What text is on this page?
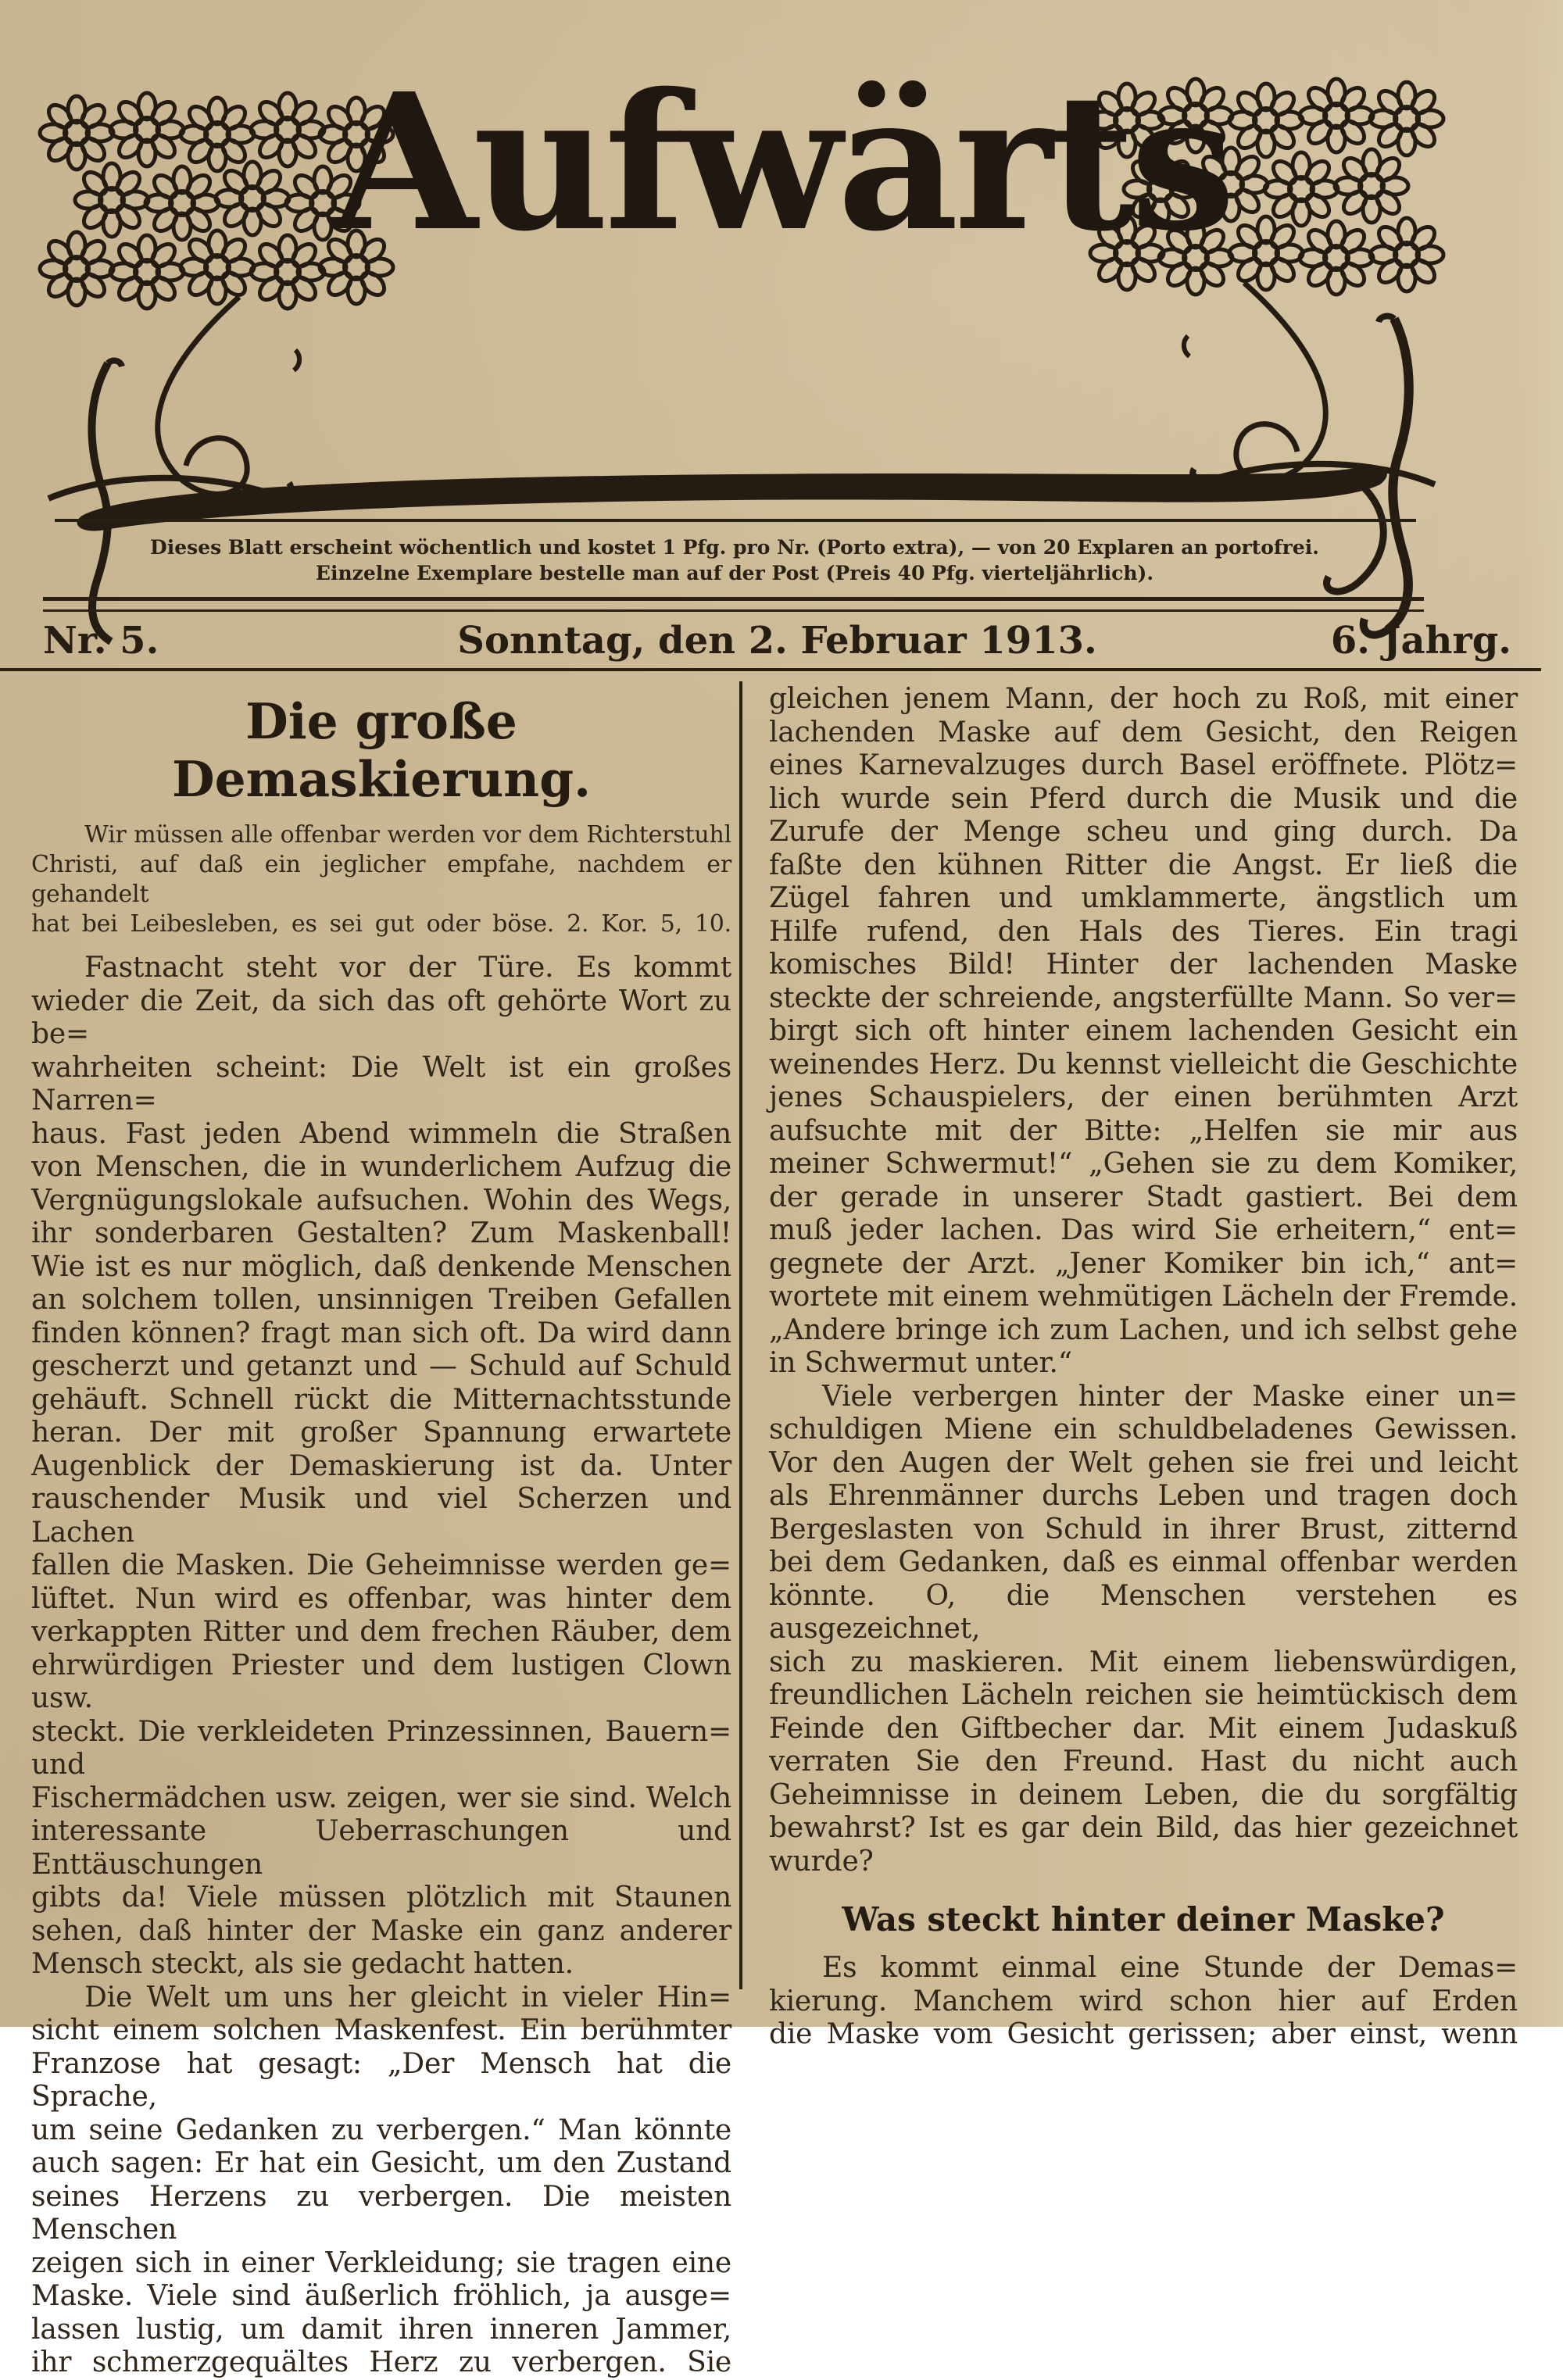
Aufwärts

Dieses Blatt erscheint wöchentlich und kostet 1 Pfg. pro Nr. (Porto extra), — von 20 Explaren an portofrei.
Einzelne Exemplare bestelle man auf der Post (Preis 40 Pfg. vierteljährlich).

Nr. 5.	Sonntag, den 2. Februar 1913.	6. Jahrg.
Die große Demaskierung.
Wir müssen alle offenbar werden vor dem Richterstuhl
Christi, auf daß ein jeglicher empfahe, nachdem er gehandelt
hat bei Leibesleben, es sei gut oder böse. 2. Kor. 5, 10.
Fastnacht steht vor der Türe. Es kommt
wieder die Zeit, da sich das oft gehörte Wort zu be=
wahrheiten scheint: Die Welt ist ein großes Narren=
haus. Fast jeden Abend wimmeln die Straßen
von Menschen, die in wunderlichem Aufzug die
Vergnügungslokale aufsuchen. Wohin des Wegs,
ihr sonderbaren Gestalten? Zum Maskenball!
Wie ist es nur möglich, daß denkende Menschen
an solchem tollen, unsinnigen Treiben Gefallen
finden können? fragt man sich oft. Da wird dann
gescherzt und getanzt und — Schuld auf Schuld
gehäuft. Schnell rückt die Mitternachtsstunde
heran. Der mit großer Spannung erwartete
Augenblick der Demaskierung ist da. Unter
rauschender Musik und viel Scherzen und Lachen
fallen die Masken. Die Geheimnisse werden ge=
lüftet. Nun wird es offenbar, was hinter dem
verkappten Ritter und dem frechen Räuber, dem
ehrwürdigen Priester und dem lustigen Clown usw.
steckt. Die verkleideten Prinzessinnen, Bauern= und
Fischermädchen usw. zeigen, wer sie sind. Welch
interessante Ueberraschungen und Enttäuschungen
gibts da! Viele müssen plötzlich mit Staunen
sehen, daß hinter der Maske ein ganz anderer
Mensch steckt, als sie gedacht hatten.
Die Welt um uns her gleicht in vieler Hin=
sicht einem solchen Maskenfest. Ein berühmter
Franzose hat gesagt: „Der Mensch hat die Sprache,
um seine Gedanken zu verbergen.“ Man könnte
auch sagen: Er hat ein Gesicht, um den Zustand
seines Herzens zu verbergen. Die meisten Menschen
zeigen sich in einer Verkleidung; sie tragen eine
Maske. Viele sind äußerlich fröhlich, ja ausge=
lassen lustig, um damit ihren inneren Jammer,
ihr schmerzgequältes Herz zu verbergen. Sie
gleichen jenem Mann, der hoch zu Roß, mit einer
lachenden Maske auf dem Gesicht, den Reigen
eines Karnevalzuges durch Basel eröffnete. Plötz=
lich wurde sein Pferd durch die Musik und die
Zurufe der Menge scheu und ging durch. Da
faßte den kühnen Ritter die Angst. Er ließ die
Zügel fahren und umklammerte, ängstlich um
Hilfe rufend, den Hals des Tieres. Ein tragi
komisches Bild! Hinter der lachenden Maske
steckte der schreiende, angsterfüllte Mann. So ver=
birgt sich oft hinter einem lachenden Gesicht ein
weinendes Herz. Du kennst vielleicht die Geschichte
jenes Schauspielers, der einen berühmten Arzt
aufsuchte mit der Bitte: „Helfen sie mir aus
meiner Schwermut!“ „Gehen sie zu dem Komiker,
der gerade in unserer Stadt gastiert. Bei dem
muß jeder lachen. Das wird Sie erheitern,“ ent=
gegnete der Arzt. „Jener Komiker bin ich,“ ant=
wortete mit einem wehmütigen Lächeln der Fremde.
„Andere bringe ich zum Lachen, und ich selbst gehe
in Schwermut unter.“
Viele verbergen hinter der Maske einer un=
schuldigen Miene ein schuldbeladenes Gewissen.
Vor den Augen der Welt gehen sie frei und leicht
als Ehrenmänner durchs Leben und tragen doch
Bergeslasten von Schuld in ihrer Brust, zitternd
bei dem Gedanken, daß es einmal offenbar werden
könnte. O, die Menschen verstehen es ausgezeichnet,
sich zu maskieren. Mit einem liebenswürdigen,
freundlichen Lächeln reichen sie heimtückisch dem
Feinde den Giftbecher dar. Mit einem Judaskuß
verraten Sie den Freund. Hast du nicht auch
Geheimnisse in deinem Leben, die du sorgfältig
bewahrst? Ist es gar dein Bild, das hier gezeichnet
wurde?
Was steckt hinter deiner Maske?
Es kommt einmal eine Stunde der Demas=
kierung. Manchem wird schon hier auf Erden
die Maske vom Gesicht gerissen; aber einst, wenn
